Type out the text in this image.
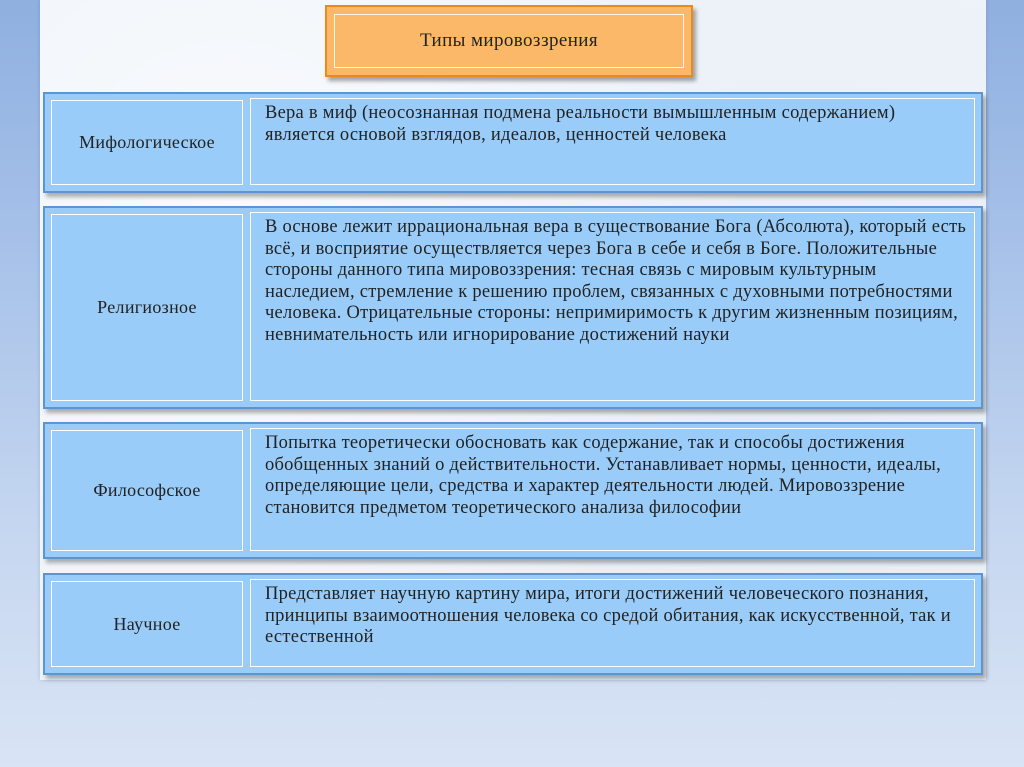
Типы мировоззрения
Мифологическое
Вера в миф (неосознанная подмена реальности вымышленным содержанием) является основой взглядов, идеалов, ценностей человека
Религиозное
В основе лежит иррациональная вера в существование Бога (Абсолюта), который есть всё, и восприятие осуществляется через Бога в себе и себя в Боге. Положительные стороны данного типа мировоззрения: тесная связь с мировым культурным наследием, стремление к решению проблем, связанных с духовными потребностями человека. Отрицательные стороны: непримиримость к другим жизненным позициям, невнимательность или игнорирование достижений науки
Философское
Попытка теоретически обосновать как содержание, так и способы достижения обобщенных знаний о действительности. Устанавливает нормы, ценности, идеалы, определяющие цели, средства и характер деятельности людей. Мировоззрение становится предметом теоретического анализа философии
Научное
Представляет научную картину мира, итоги достижений человеческого познания, принципы взаимоотношения человека со средой обитания, как искусственной, так и естественной
